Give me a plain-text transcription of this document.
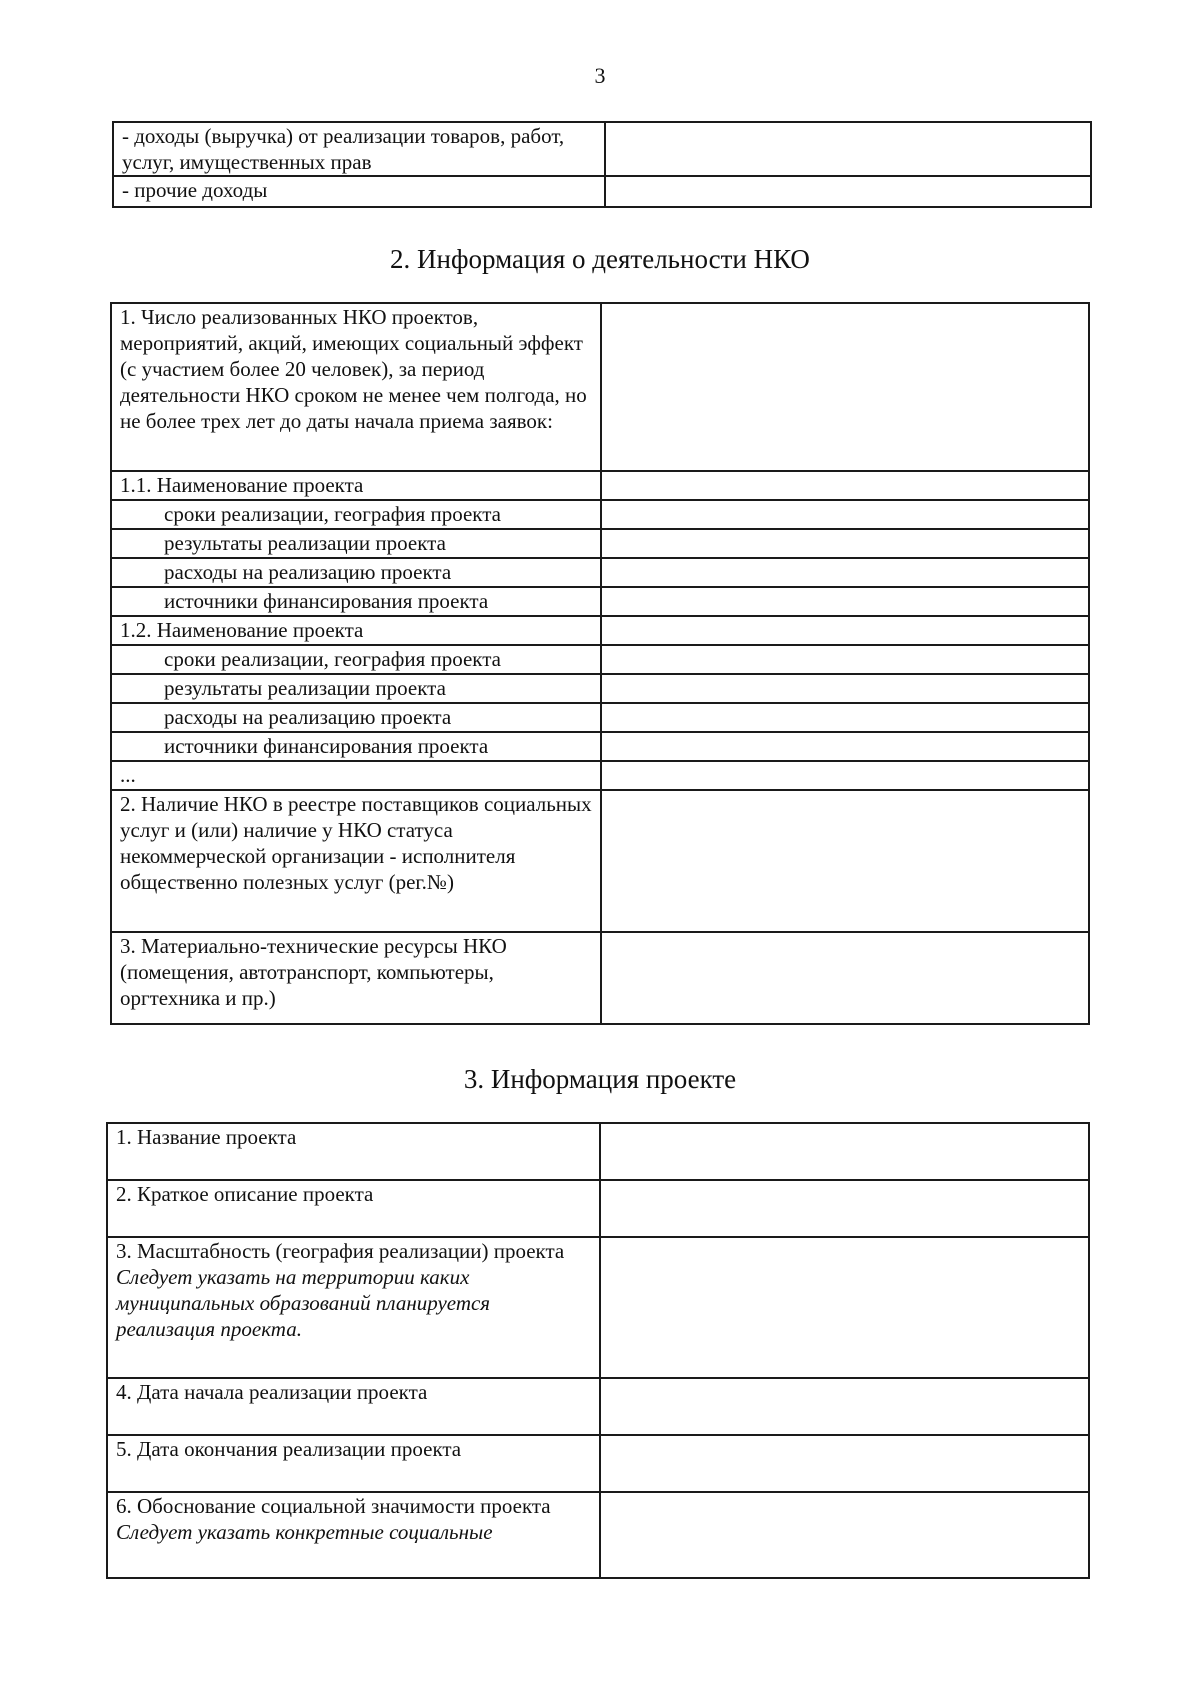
3
- доходы (выручка) от реализации товаров, работ, услуг, имущественных прав	
- прочие доходы	
2. Информация о деятельности НКО
1. Число реализованных НКО проектов, мероприятий, акций, имеющих социальный эффект (с участием более 20 человек), за период деятельности НКО сроком не менее чем полгода, но не более трех лет до даты начала приема заявок:	
1.1. Наименование проекта	
сроки реализации, география проекта	
результаты реализации проекта	
расходы на реализацию проекта	
источники финансирования проекта	
1.2. Наименование проекта	
сроки реализации, география проекта	
результаты реализации проекта	
расходы на реализацию проекта	
источники финансирования проекта	
...	
2. Наличие НКО в реестре поставщиков социальных услуг и (или) наличие у НКО статуса некоммерческой организации - исполнителя общественно полезных услуг (рег.№)	
3. Материально-технические ресурсы НКО (помещения, автотранспорт, компьютеры, оргтехника и пр.)	
3. Информация проекте
1. Название проекта	

2. Краткое описание проекта	

3. Масштабность (география реализации) проекта
Следует указать на территории каких муниципальных образований планируется реализация проекта.	

4. Дата начала реализации проекта	

5. Дата окончания реализации проекта	

6. Обоснование социальной значимости проекта
Следует указать конкретные социальные	
